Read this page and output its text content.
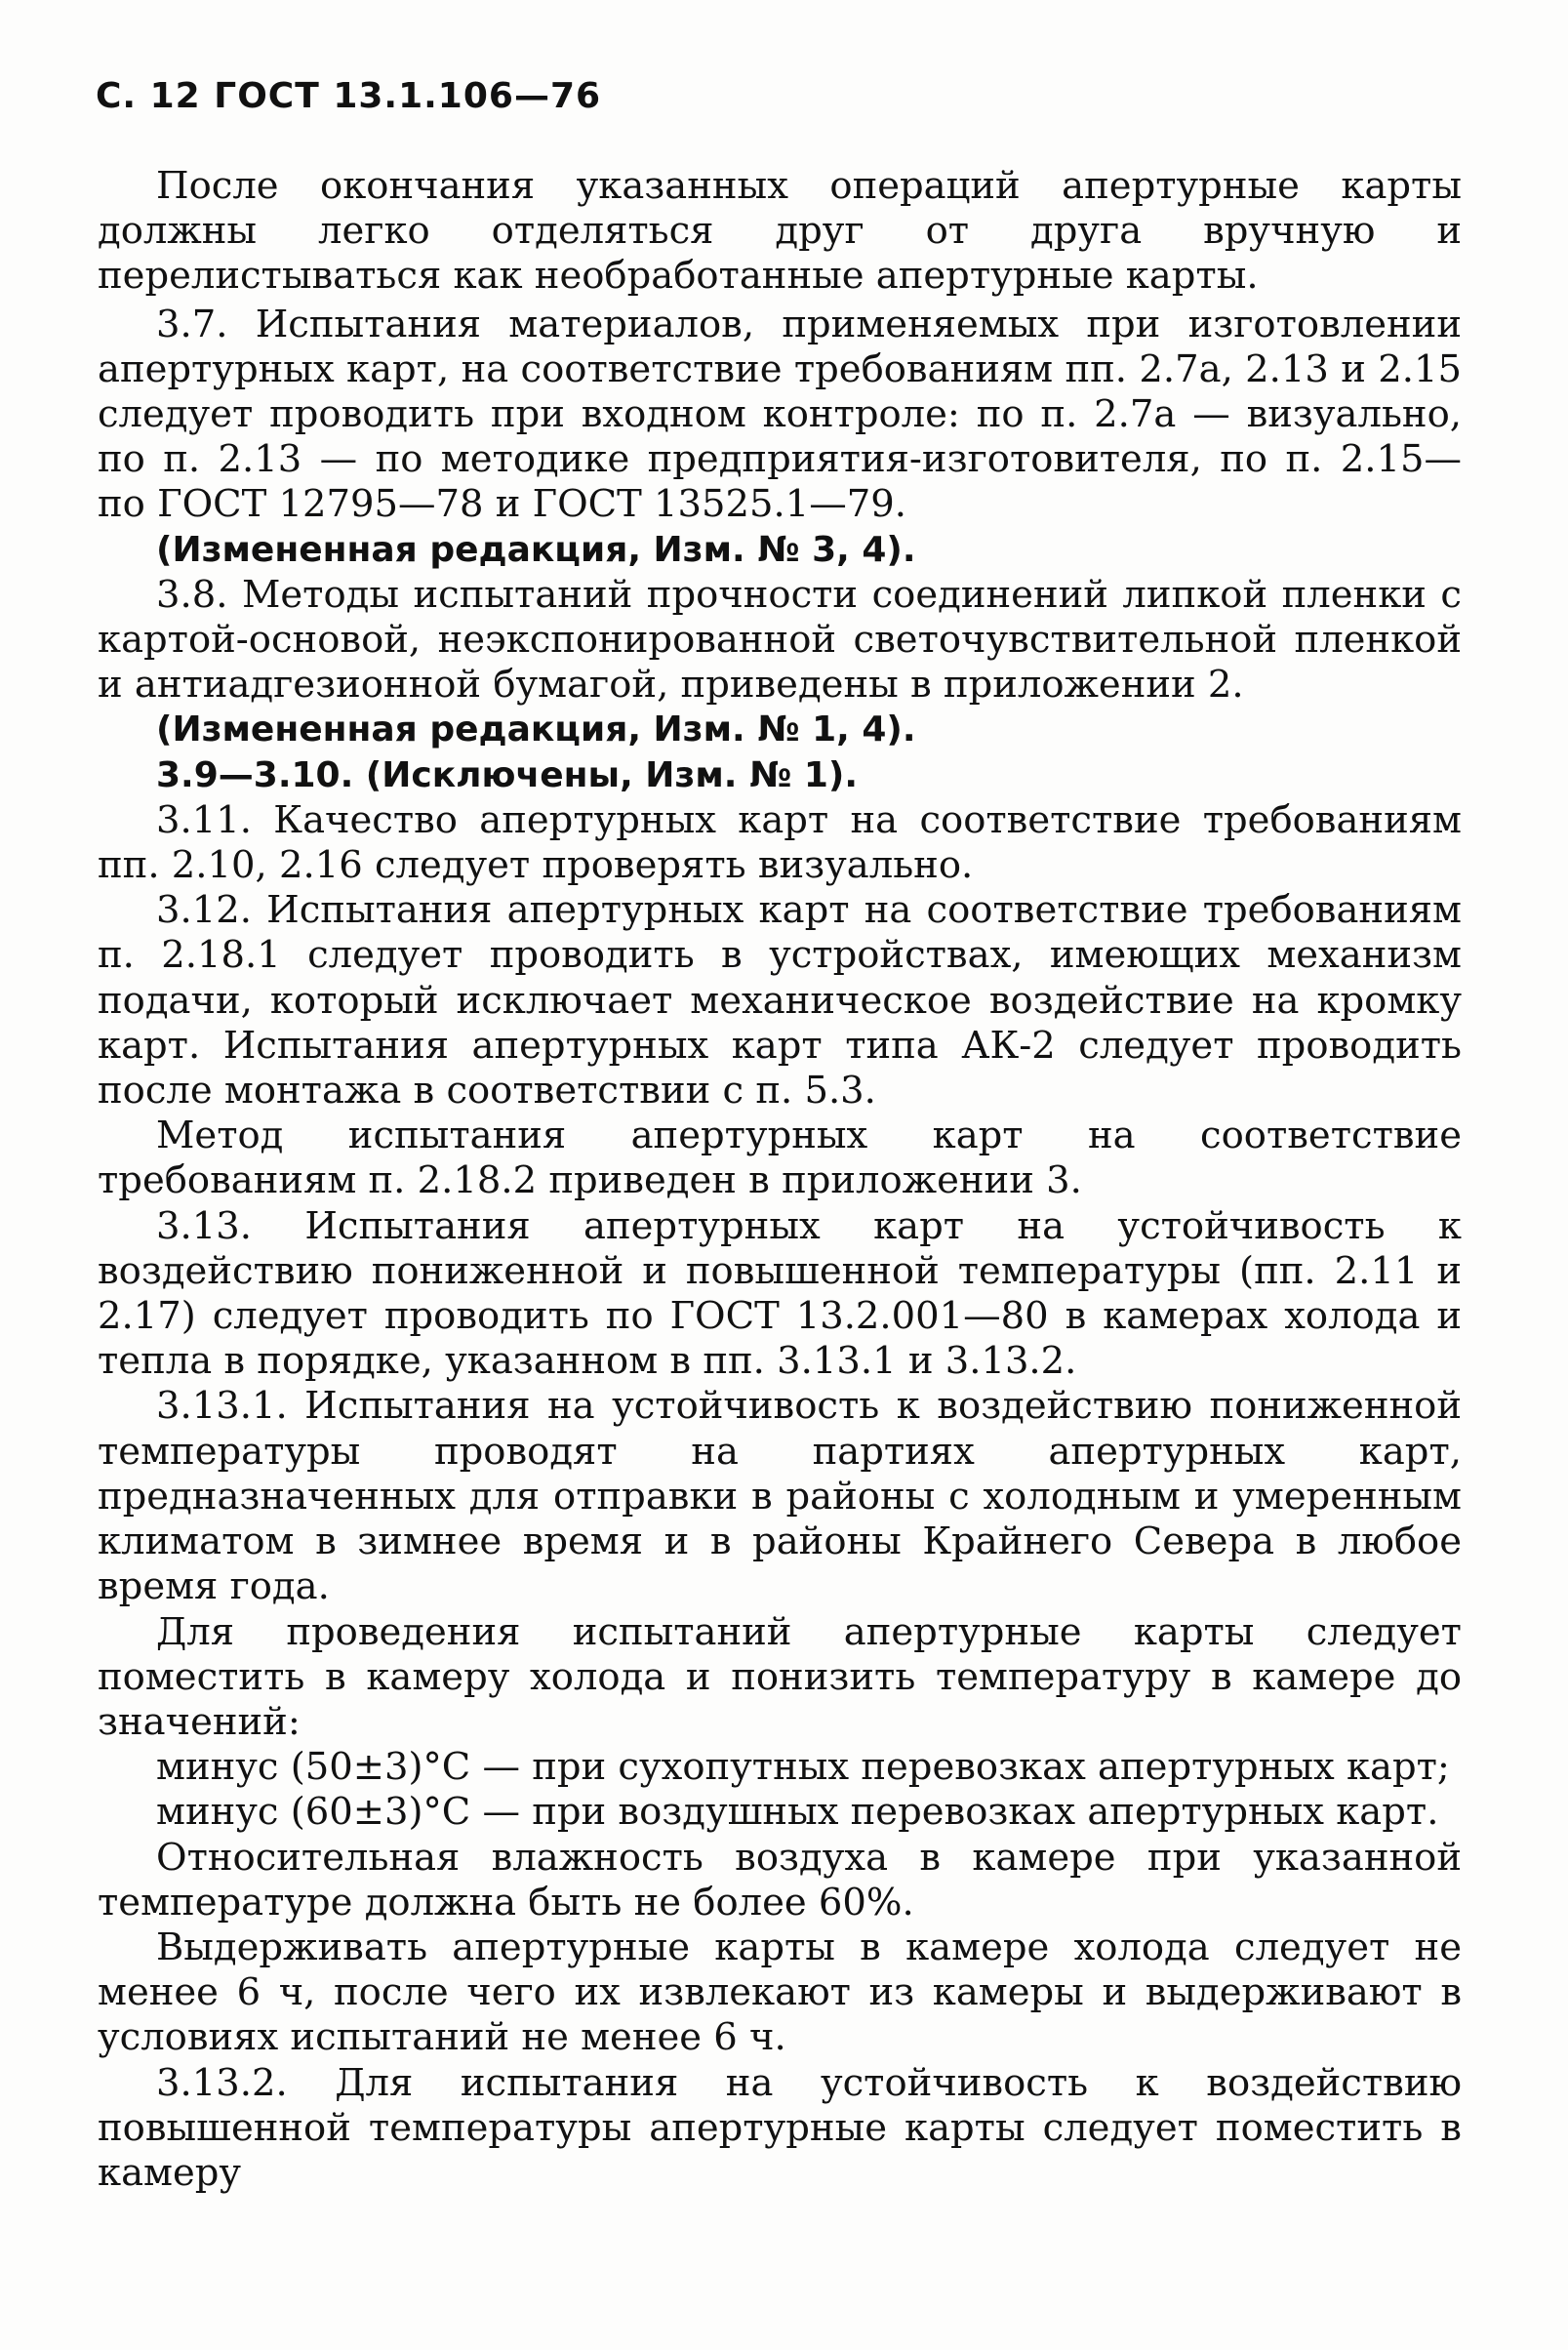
С. 12 ГОСТ 13.1.106—76

После окончания указанных операций апертурные карты должны легко отделяться друг от друга вручную и перелистываться как необработанные апертурные карты.

3.7. Испытания материалов, применяемых при изготовлении апертурных карт, на соответствие требованиям пп. 2.7а, 2.13 и 2.15 следует проводить при входном контроле: по п. 2.7а — визуально, по п. 2.13 — по методике предприятия-изготовителя, по п. 2.15— по ГОСТ 12795—78 и ГОСТ 13525.1—79.

(Измененная редакция, Изм. № 3, 4).

3.8. Методы испытаний прочности соединений липкой пленки с картой-основой, неэкспонированной светочувствительной пленкой и антиадгезионной бумагой, приведены в приложении 2.

(Измененная редакция, Изм. № 1, 4).

3.9—3.10. (Исключены, Изм. № 1).

3.11. Качество апертурных карт на соответствие требованиям пп. 2.10, 2.16 следует проверять визуально.

3.12. Испытания апертурных карт на соответствие требованиям п. 2.18.1 следует проводить в устройствах, имеющих механизм подачи, который исключает механическое воздействие на кромку карт. Испытания апертурных карт типа АК-2 следует проводить после монтажа в соответствии с п. 5.3.

Метод испытания апертурных карт на соответствие требованиям п. 2.18.2 приведен в приложении 3.

3.13. Испытания апертурных карт на устойчивость к воздействию пониженной и повышенной температуры (пп. 2.11 и 2.17) следует проводить по ГОСТ 13.2.001—80 в камерах холода и тепла в порядке, указанном в пп. 3.13.1 и 3.13.2.

3.13.1. Испытания на устойчивость к воздействию пониженной температуры проводят на партиях апертурных карт, предназначенных для отправки в районы с холодным и умеренным климатом в зимнее время и в районы Крайнего Севера в любое время года.

Для проведения испытаний апертурные карты следует поместить в камеру холода и понизить температуру в камере до значений:

минус (50±3)°С — при сухопутных перевозках апертурных карт;

минус (60±3)°С — при воздушных перевозках апертурных карт.

Относительная влажность воздуха в камере при указанной температуре должна быть не более 60%.

Выдерживать апертурные карты в камере холода следует не менее 6 ч, после чего их извлекают из камеры и выдерживают в условиях испытаний не менее 6 ч.

3.13.2. Для испытания на устойчивость к воздействию повышенной температуры апертурные карты следует поместить в камеру
